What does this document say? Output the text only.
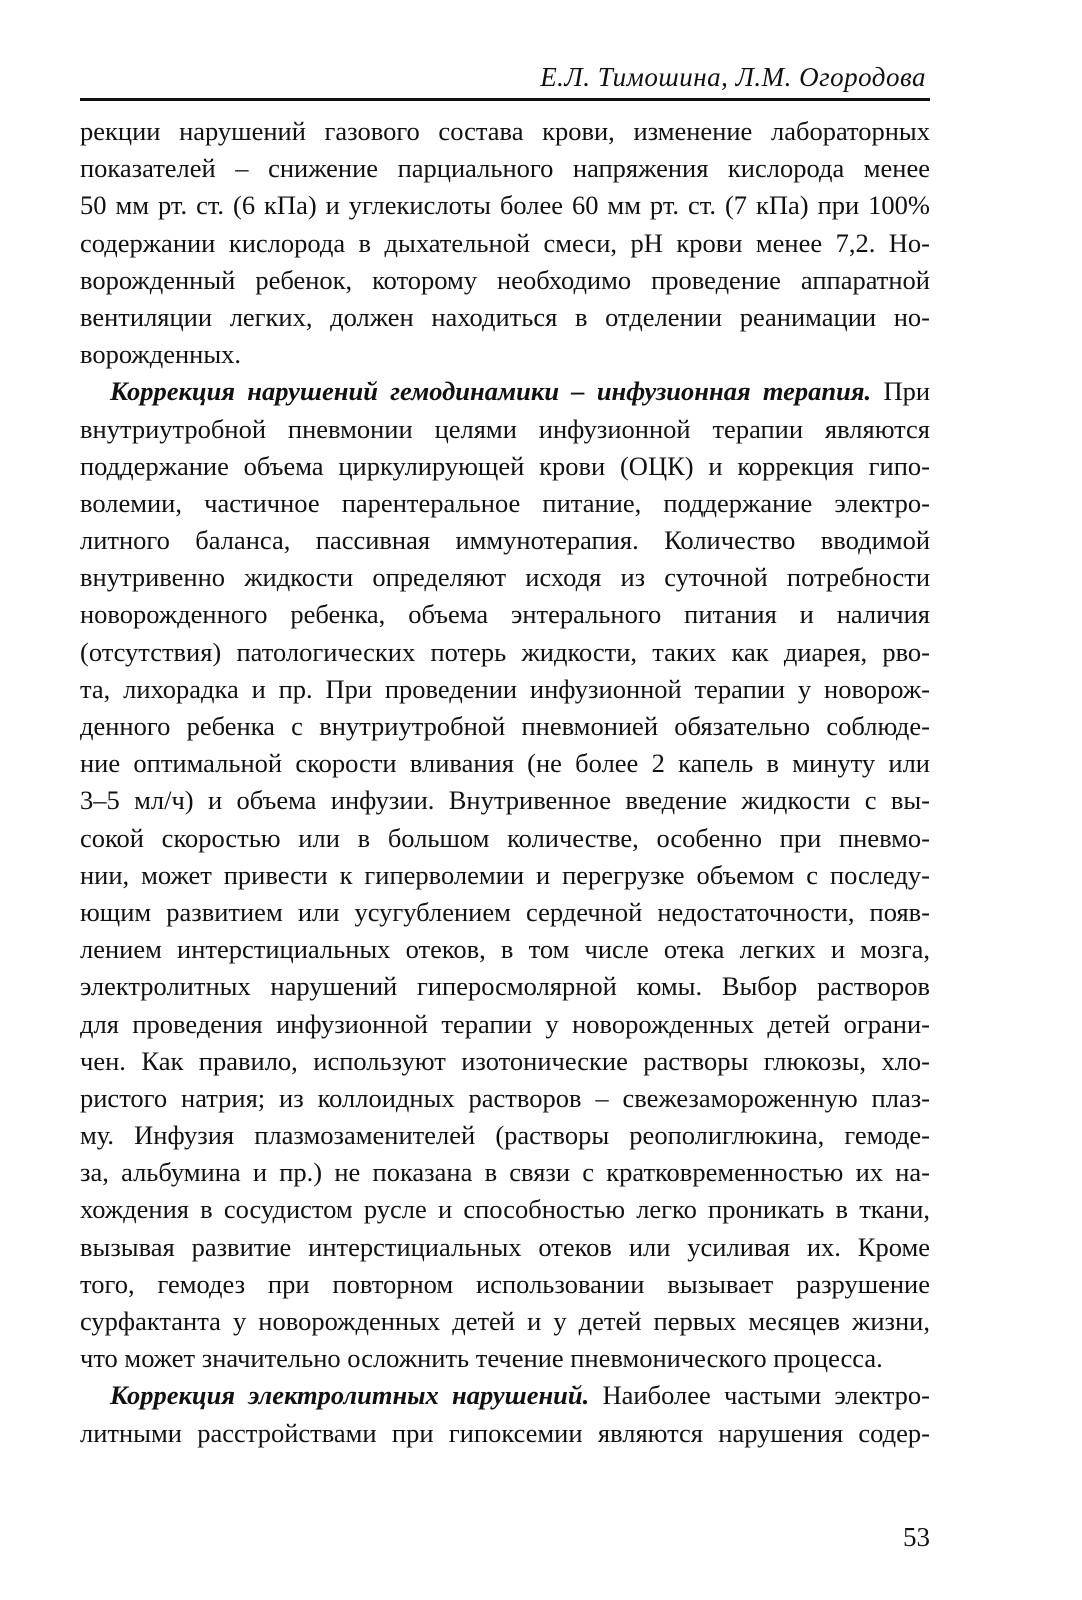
Е.Л. Тимошина, Л.М. Огородова
рекции нарушений газового состава крови, изменение лабораторных
показателей – снижение парциального напряжения кислорода менее
50 мм рт. ст. (6 кПа) и углекислоты более 60 мм рт. ст. (7 кПа) при 100%
содержании кислорода в дыхательной смеси, pH крови менее 7,2. Но-
ворожденный ребенок, которому необходимо проведение аппаратной
вентиляции легких, должен находиться в отделении реанимации но-
ворожденных.
Коррекция нарушений гемодинамики – инфузионная терапия. При
внутриутробной пневмонии целями инфузионной терапии являются
поддержание объема циркулирующей крови (ОЦК) и коррекция гипо-
волемии, частичное парентеральное питание, поддержание электро-
литного баланса, пассивная иммунотерапия. Количество вводимой
внутривенно жидкости определяют исходя из суточной потребности
новорожденного ребенка, объема энтерального питания и наличия
(отсутствия) патологических потерь жидкости, таких как диарея, рво-
та, лихорадка и пр. При проведении инфузионной терапии у новорож-
денного ребенка с внутриутробной пневмонией обязательно соблюде-
ние оптимальной скорости вливания (не более 2 капель в минуту или
3–5 мл/ч) и объема инфузии. Внутривенное введение жидкости с вы-
сокой скоростью или в большом количестве, особенно при пневмо-
нии, может привести к гиперволемии и перегрузке объемом с последу-
ющим развитием или усугублением сердечной недостаточности, появ-
лением интерстициальных отеков, в том числе отека легких и мозга,
электролитных нарушений гиперосмолярной комы. Выбор растворов
для проведения инфузионной терапии у новорожденных детей ограни-
чен. Как правило, используют изотонические растворы глюкозы, хло-
ристого натрия; из коллоидных растворов – свежезамороженную плаз-
му. Инфузия плазмозаменителей (растворы реополиглюкина, гемоде-
за, альбумина и пр.) не показана в связи с кратковременностью их на-
хождения в сосудистом русле и способностью легко проникать в ткани,
вызывая развитие интерстициальных отеков или усиливая их. Кроме
того, гемодез при повторном использовании вызывает разрушение
сурфактанта у новорожденных детей и у детей первых месяцев жизни,
что может значительно осложнить течение пневмонического процесса.
Коррекция электролитных нарушений. Наиболее частыми электро-
литными расстройствами при гипоксемии являются нарушения содер-
53
